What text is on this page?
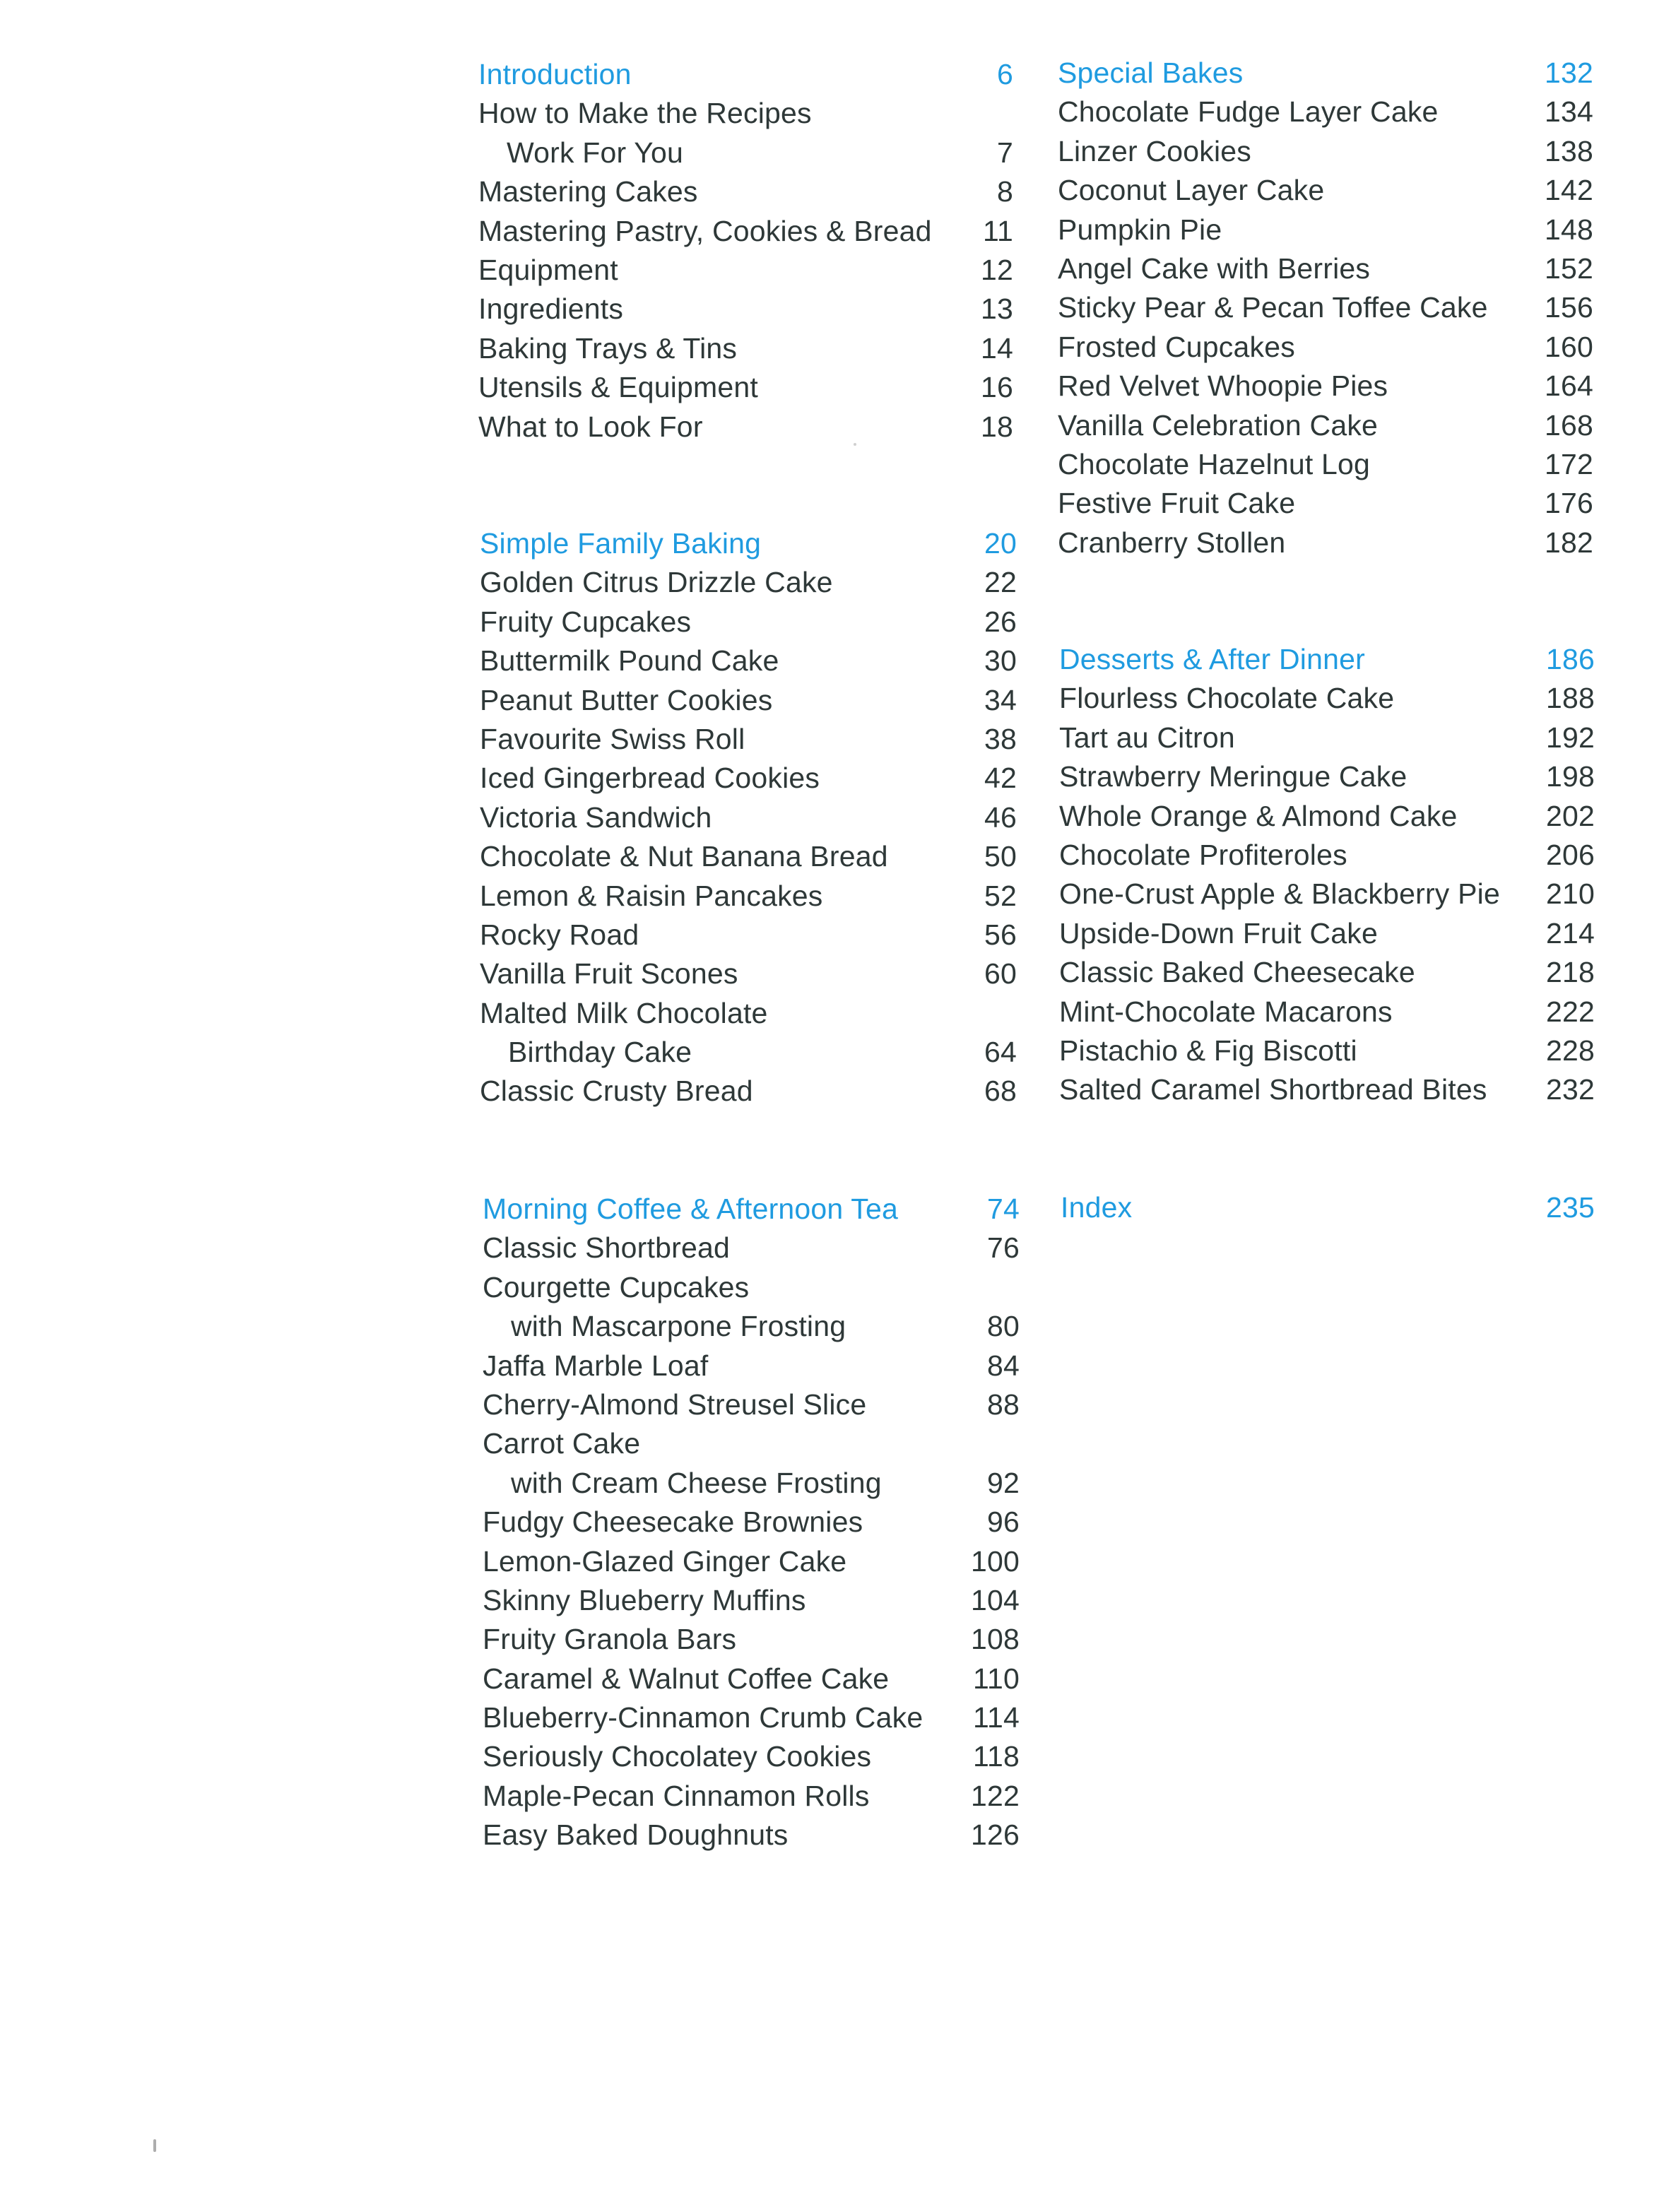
Introduction	6
How to Make the Recipes
Work For You	7
Mastering Cakes	8
Mastering Pastry, Cookies & Bread 11
Equipment	12
Ingredients	13
Baking Trays & Tins	14
Utensils & Equipment	16
What to Look For	18
Simple Family Baking	20
Golden Citrus Drizzle Cake	22
Fruity Cupcakes	26
Buttermilk Pound Cake	30
Peanut Butter Cookies	34
Favourite Swiss Roll	38
Iced Gingerbread Cookies	42
Victoria Sandwich	46
Chocolate & Nut Banana Bread	50
Lemon & Raisin Pancakes	52
Rocky Road	56
Vanilla Fruit Scones	60
Malted Milk Chocolate
Birthday Cake	64
Classic Crusty Bread	68
Morning Coffee & Afternoon Tea	74
Classic Shortbread	76
Courgette Cupcakes
with Mascarpone Frosting	80
Jaffa Marble Loaf	84
Cherry-Almond Streusel Slice	88
Carrot Cake
with Cream Cheese Frosting	92
Fudgy Cheesecake Brownies	96
Lemon-Glazed Ginger Cake	100
Skinny Blueberry Muffins	104
Fruity Granola Bars	108
Caramel & Walnut Coffee Cake	110
Blueberry-Cinnamon Crumb Cake 114
Seriously Chocolatey Cookies	118
Maple-Pecan Cinnamon Rolls	122
Easy Baked Doughnuts	126
Special Bakes	132
Chocolate Fudge Layer Cake	134
Linzer Cookies	138
Coconut Layer Cake	142
Pumpkin Pie	148
Angel Cake with Berries	152
Sticky Pear & Pecan Toffee Cake 156
Frosted Cupcakes	160
Red Velvet Whoopie Pies	164
Vanilla Celebration Cake	168
Chocolate Hazelnut Log	172
Festive Fruit Cake	176
Cranberry Stollen	182
Desserts & After Dinner	186
Flourless Chocolate Cake	188
Tart au Citron	192
Strawberry Meringue Cake	198
Whole Orange & Almond Cake	202
Chocolate Profiteroles	206
One-Crust Apple & Blackberry Pie 210
Upside-Down Fruit Cake	214
Classic Baked Cheesecake	218
Mint-Chocolate Macarons	222
Pistachio & Fig Biscotti	228
Salted Caramel Shortbread Bites 232
Index	235
